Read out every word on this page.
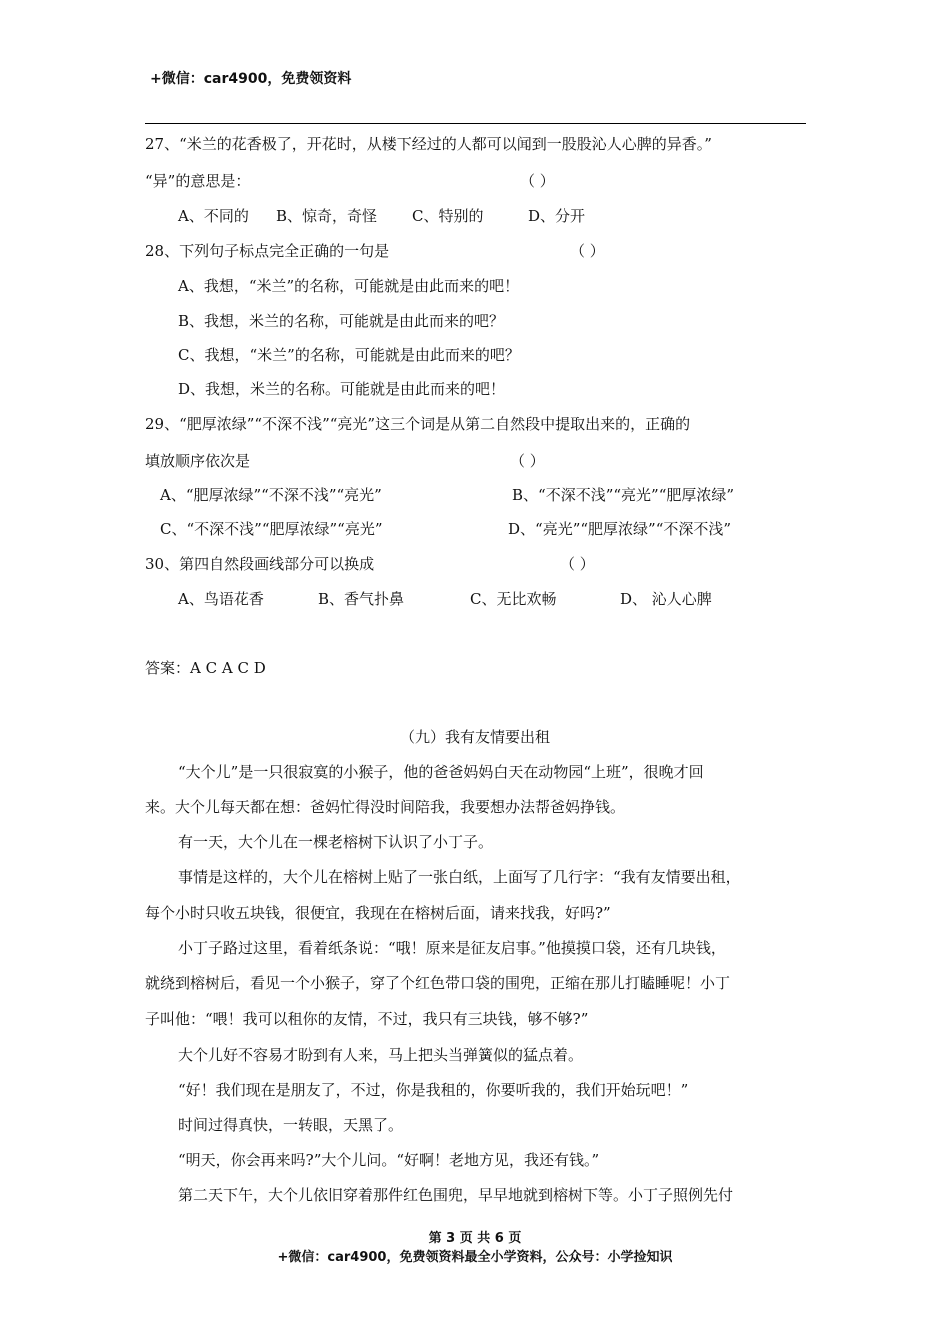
+微信：car4900，免费领资料
27、“米兰的花香极了，开花时，从楼下经过的人都可以闻到一股股沁人心脾的异香。”
“异”的意思是：	（ ）
A、不同的 B、惊奇，奇怪 C、特别的	D、分开
28、下列句子标点完全正确的一句是	（ ）
A、我想，“米兰”的名称，可能就是由此而来的吧！
B、我想，米兰的名称，可能就是由此而来的吧？
C、我想，“米兰”的名称，可能就是由此而来的吧？
D、我想，米兰的名称。可能就是由此而来的吧！
29、“肥厚浓绿”“不深不浅”“亮光”这三个词是从第二自然段中提取出来的，正确的
填放顺序依次是	（ ）
A、“肥厚浓绿”“不深不浅”“亮光”	B、“不深不浅”“亮光”“肥厚浓绿”
C、“不深不浅”“肥厚浓绿”“亮光”	D、“亮光”“肥厚浓绿”“不深不浅”
30、第四自然段画线部分可以换成	（ ）
A、鸟语花香	B、香气扑鼻	C、无比欢畅	D、 沁人心脾
答案：A C A C D
（九）我有友情要出租
“大个儿”是一只很寂寞的小猴子，他的爸爸妈妈白天在动物园“上班”，很晚才回
来。大个儿每天都在想：爸妈忙得没时间陪我，我要想办法帮爸妈挣钱。
有一天，大个儿在一棵老榕树下认识了小丁子。
事情是这样的，大个儿在榕树上贴了一张白纸，上面写了几行字：“我有友情要出租，
每个小时只收五块钱，很便宜，我现在在榕树后面，请来找我，好吗?”
小丁子路过这里，看着纸条说：“哦！原来是征友启事。”他摸摸口袋，还有几块钱，
就绕到榕树后，看见一个小猴子，穿了个红色带口袋的围兜，正缩在那儿打瞌睡呢！小丁
子叫他：“喂！我可以租你的友情，不过，我只有三块钱，够不够?”
大个儿好不容易才盼到有人来，马上把头当弹簧似的猛点着。
“好！我们现在是朋友了，不过，你是我租的，你要听我的，我们开始玩吧！”
时间过得真快，一转眼，天黑了。
“明天，你会再来吗?”大个儿问。“好啊！老地方见，我还有钱。”
第二天下午，大个儿依旧穿着那件红色围兜，早早地就到榕树下等。小丁子照例先付
第 3 页 共 6 页
+微信：car4900，免费领资料最全小学资料，公众号：小学捡知识
